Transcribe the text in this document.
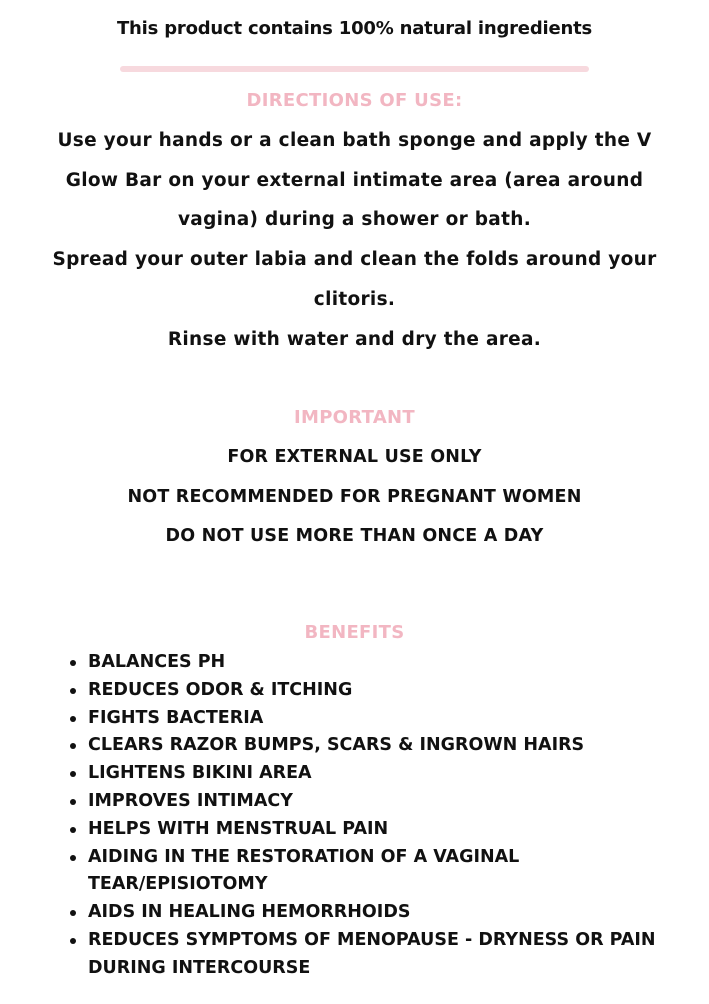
This product contains 100% natural ingredients
DIRECTIONS OF USE:

Use your hands or a clean bath sponge and apply the V Glow Bar on your external intimate area (area around vagina) during a shower or bath.

Spread your outer labia and clean the folds around your clitoris.

Rinse with water and dry the area.

IMPORTANT

FOR EXTERNAL USE ONLY

NOT RECOMMENDED FOR PREGNANT WOMEN

DO NOT USE MORE THAN ONCE A DAY

BENEFITS
BALANCES PH
REDUCES ODOR & ITCHING
FIGHTS BACTERIA
CLEARS RAZOR BUMPS, SCARS & INGROWN HAIRS
LIGHTENS BIKINI AREA
IMPROVES INTIMACY
HELPS WITH MENSTRUAL PAIN
AIDING IN THE RESTORATION OF A VAGINAL TEAR/EPISIOTOMY
AIDS IN HEALING HEMORRHOIDS
REDUCES SYMPTOMS OF MENOPAUSE - DRYNESS OR PAIN DURING INTERCOURSE
